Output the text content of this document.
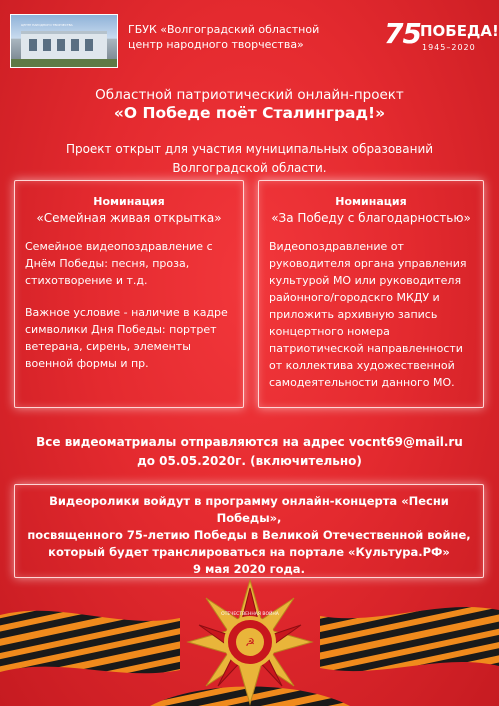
ЦЕНТР НАРОДНОГО ТВОРЧЕСТВА	ГБУК «Волгоградский областной
центр народного творчества»	75 ПОБЕДА!
1945–2020
Областной патриотический онлайн-проект
«О Победе поёт Сталинград!»
Проект открыт для участия муниципальных образований
Волгоградской области.
Номинация
«Семейная живая открытка»

Семейное видеопоздравление с Днём Победы: песня, проза, стихотворение и т.д.

Важное условие - наличие в кадре символики Дня Победы: портрет ветерана, сирень, элементы военной формы и пр.

Номинация
«За Победу с благодарностью»

Видеопоздравление от руководителя органа управления культурой МО или руководителя районного/городскго МКДУ и приложить архивную запись концертного номера патриотической направленности от коллектива художественной самодеятельности данного МО.

Все видеоматриалы отправляются на адрес vocnt69@mail.ru
до 05.05.2020г. (включительно)
Видеоролики войдут в программу онлайн-концерта «Песни Победы»,
посвященного 75-летию Победы в Великой Отечественной войне,
который будет транслироваться на портале «Культура.РФ»
9 мая 2020 года.
☭
ОТЕЧЕСТВЕННАЯ ВОЙНА
